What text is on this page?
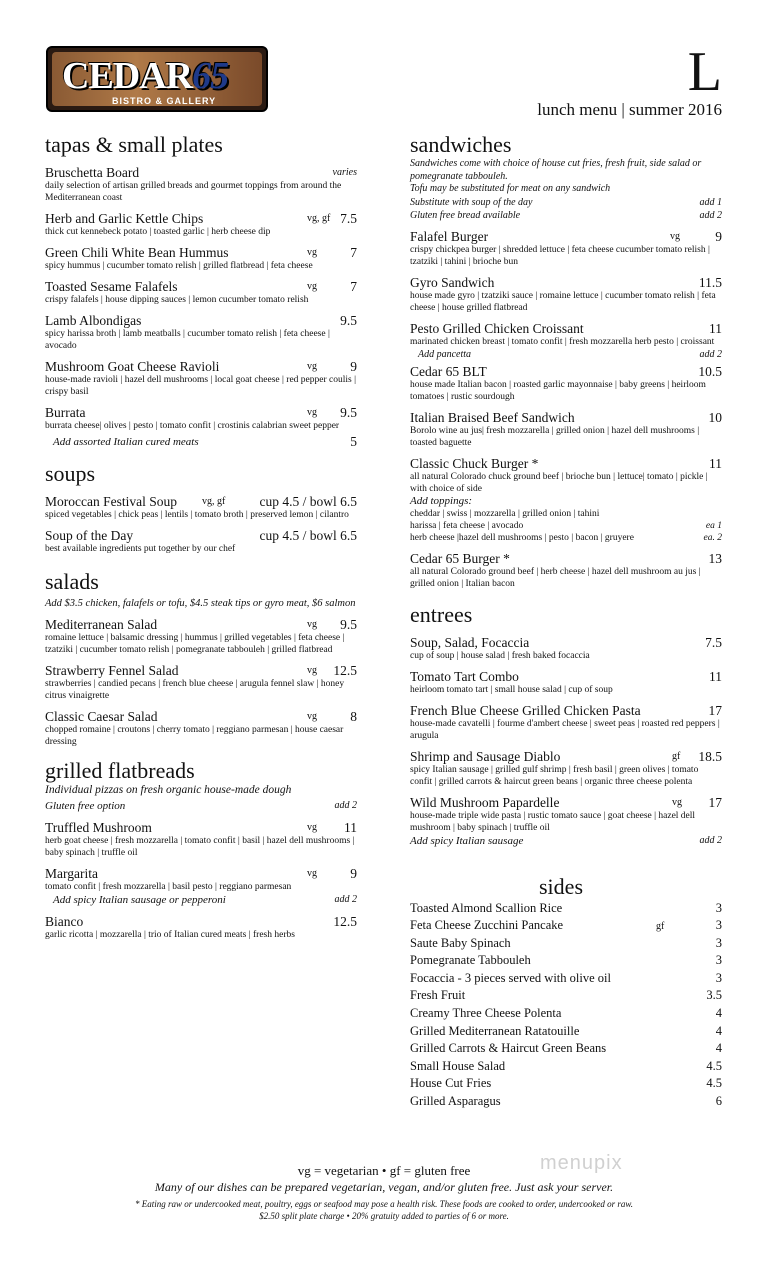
CEDAR65
BISTRO & GALLERY	L
lunch menu | summer 2016
tapas & small plates
Bruschetta Board	varies
daily selection of artisan grilled breads and gourmet toppings from around the Mediterranean coast
Herb and Garlic Kettle Chips	vg, gf 7.5
thick cut kennebeck potato | toasted garlic | herb cheese dip
Green Chili White Bean Hummus	vg 7
spicy hummus | cucumber tomato relish | grilled flatbread | feta cheese
Toasted Sesame Falafels	vg 7
crispy falafels | house dipping sauces | lemon cucumber tomato relish
Lamb Albondigas	9.5
spicy harissa broth | lamb meatballs | cucumber tomato relish | feta cheese | avocado
Mushroom Goat Cheese Ravioli	vg 9
house-made ravioli | hazel dell mushrooms | local goat cheese | red pepper coulis | crispy basil
Burrata	vg 9.5
burrata cheese| olives | pesto | tomato confit | crostinis calabrian sweet pepper
Add assorted Italian cured meats	5
soups
Moroccan Festival Soup	vg, gf	cup 4.5 / bowl 6.5
spiced vegetables | chick peas | lentils | tomato broth | preserved lemon | cilantro
Soup of the Day	cup 4.5 / bowl 6.5
best available ingredients put together by our chef
salads
Add $3.5 chicken, falafels or tofu, $4.5 steak tips or gyro meat, $6 salmon
Mediterranean Salad	vg 9.5
romaine lettuce | balsamic dressing | hummus | grilled vegetables | feta cheese | tzatziki | cucumber tomato relish | pomegranate tabbouleh | grilled flatbread
Strawberry Fennel Salad	vg 12.5
strawberries | candied pecans | french blue cheese | arugula fennel slaw | honey citrus vinaigrette
Classic Caesar Salad	vg 8
chopped romaine | croutons | cherry tomato | reggiano parmesan | house caesar dressing
grilled flatbreads
Individual pizzas on fresh organic house-made dough
Gluten free option	add 2
Truffled Mushroom	vg 11
herb goat cheese | fresh mozzarella | tomato confit | basil | hazel dell mushrooms | baby spinach | truffle oil
Margarita	vg 9
tomato confit | fresh mozzarella | basil pesto | reggiano parmesan
Add spicy Italian sausage or pepperoni	add 2
Bianco	12.5
garlic ricotta | mozzarella | trio of Italian cured meats | fresh herbs
sandwiches
Sandwiches come with choice of house cut fries, fresh fruit, side salad or pomegranate tabbouleh.
Tofu may be substituted for meat on any sandwich
Substitute with soup of the day	add 1
Gluten free bread available	add 2
Falafel Burger	vg	9
crispy chickpea burger | shredded lettuce | feta cheese cucumber tomato relish | tzatziki | tahini | brioche bun
Gyro Sandwich	11.5
house made gyro | tzatziki sauce | romaine lettuce | cucumber tomato relish | feta cheese | house grilled flatbread
Pesto Grilled Chicken Croissant	11
marinated chicken breast | tomato confit | fresh mozzarella herb pesto | croissant
Add pancetta	add 2
Cedar 65 BLT	10.5
house made Italian bacon | roasted garlic mayonnaise | baby greens | heirloom tomatoes | rustic sourdough
Italian Braised Beef Sandwich	10
Borolo wine au jus| fresh mozzarella | grilled onion | hazel dell mushrooms | toasted baguette
Classic Chuck Burger *	11
all natural Colorado chuck ground beef | brioche bun | lettuce| tomato | pickle | with choice of side
Add toppings:
cheddar | swiss | mozzarella | grilled onion | tahini
harissa | feta cheese | avocado	ea 1
herb cheese |hazel dell mushrooms | pesto | bacon | gruyere	ea. 2
Cedar 65 Burger *	13
all natural Colorado ground beef | herb cheese | hazel dell mushroom au jus | grilled onion | Italian bacon
entrees
Soup, Salad, Focaccia	7.5
cup of soup | house salad | fresh baked focaccia
Tomato Tart Combo	11
heirloom tomato tart | small house salad | cup of soup
French Blue Cheese Grilled Chicken Pasta	17
house-made cavatelli | fourme d'ambert cheese | sweet peas | roasted red peppers | arugula
Shrimp and Sausage Diablo	gf 18.5
spicy Italian sausage | grilled gulf shrimp | fresh basil | green olives | tomato confit | grilled carrots & haircut green beans | organic three cheese polenta
Wild Mushroom Papardelle	vg 17
house-made triple wide pasta | rustic tomato sauce | goat cheese | hazel dell mushroom | baby spinach | truffle oil
Add spicy Italian sausage	add 2
sides
Toasted Almond Scallion Rice	3
Feta Cheese Zucchini Pancake	gf	3
Saute Baby Spinach	3
Pomegranate Tabbouleh	3
Focaccia - 3 pieces served with olive oil	3
Fresh Fruit	3.5
Creamy Three Cheese Polenta	4
Grilled Mediterranean Ratatouille	4
Grilled Carrots & Haircut Green Beans	4
Small House Salad	4.5
House Cut Fries	4.5
Grilled Asparagus	6
vg = vegetarian • gf = gluten free
Many of our dishes can be prepared vegetarian, vegan, and/or gluten free. Just ask your server.
* Eating raw or undercooked meat, poultry, eggs or seafood may pose a health risk. These foods are cooked to order, undercooked or raw.
$2.50 split plate charge • 20% gratuity added to parties of 6 or more.
menupix
